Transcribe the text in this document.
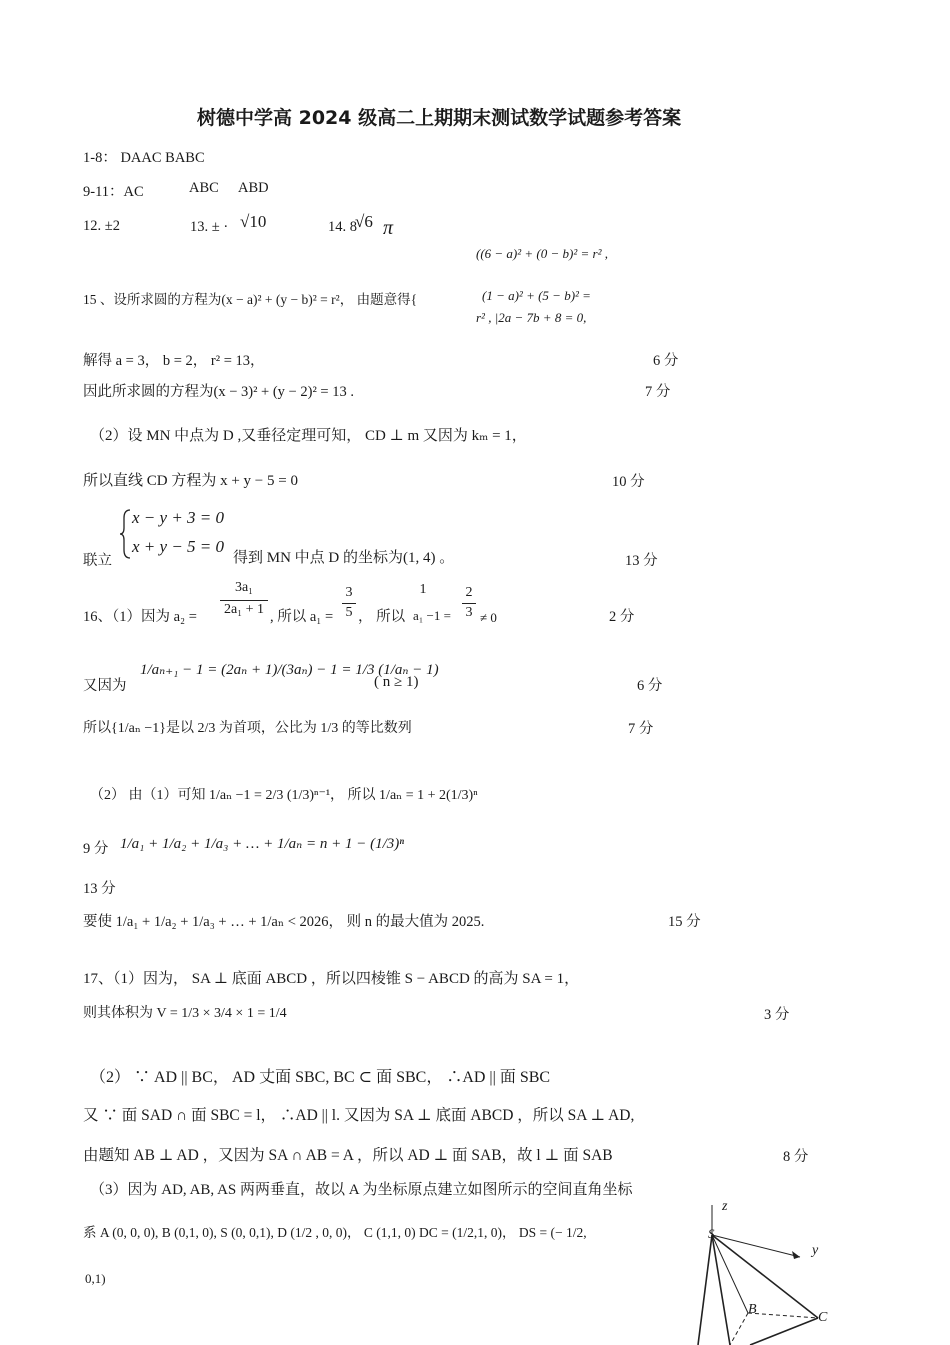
树德中学高 2024 级高二上期期末测试数学试题参考答案
1-8： DAAC BABC
9-11：AC	ABC ABD
12. ±2	13. ± · √10	14. 8
√6 π
((6 − a)² + (0 − b)² = r² ,
15 、设所求圆的方程为(x − a)² + (y − b)² = r²， 由题意得{	(1 − a)² + (5 − b)² =
r² , |2a − 7b + 8 = 0,
解得 a = 3， b = 2， r² = 13，	6 分
因此所求圆的方程为(x − 3)² + (y − 2)² = 13 .	7 分
（2）设 MN 中点为 D ,又垂径定理可知， CD ⊥ m 又因为 kₘ = 1，
所以直线 CD 方程为 x + y − 5 = 0	10 分
x − y + 3 = 0
x + y − 5 = 0
联立	得到 MN 中点 D 的坐标为(1, 4) 。	13 分
16、（1）因为 a₂ =
3a₁
2a₁ + 1 , 所以 a₁ =
3
5 ， 所以
1
a₁ −1 =
2
3 ≠ 0	2 分
又因为
1/aₙ₊₁ − 1 = (2aₙ + 1)/(3aₙ) − 1 = 1/3 (1/aₙ − 1)
( n ≥ 1)	6 分
所以{1/aₙ −1}是以 2/3 为首项，公比为 1/3 的等比数列	7 分
（2） 由（1）可知 1/aₙ −1 = 2/3 (1/3)ⁿ⁻¹， 所以 1/aₙ = 1 + 2(1/3)ⁿ
9 分 1/a₁ + 1/a₂ + 1/a₃ + … + 1/aₙ = n + 1 − (1/3)ⁿ
13 分
要使 1/a₁ + 1/a₂ + 1/a₃ + … + 1/aₙ < 2026， 则 n 的最大值为 2025.	15 分
17、（1）因为， SA ⊥ 底面 ABCD ，所以四棱锥 S − ABCD 的高为 SA = 1，
则其体积为 V = 1/3 × 3/4 × 1 = 1/4	3 分
（2） ∵ AD || BC， AD 丈面 SBC, BC ⊂ 面 SBC， ∴AD || 面 SBC
又 ∵ 面 SAD ∩ 面 SBC = l， ∴AD || l. 又因为 SA ⊥ 底面 ABCD ，所以 SA ⊥ AD,
由题知 AB ⊥ AD ，又因为 SA ∩ AB = A ，所以 AD ⊥ 面 SAB，故 l ⊥ 面 SAB	8 分
（3）因为 AD, AB, AS 两两垂直，故以 A 为坐标原点建立如图所示的空间直角坐标
系 A (0, 0, 0), B (0,1, 0), S (0, 0,1), D (1/2 , 0, 0)， C (1,1, 0) DC = (1/2,1, 0)， DS = (− 1/2,
0,1)
z
y
B
C
S
